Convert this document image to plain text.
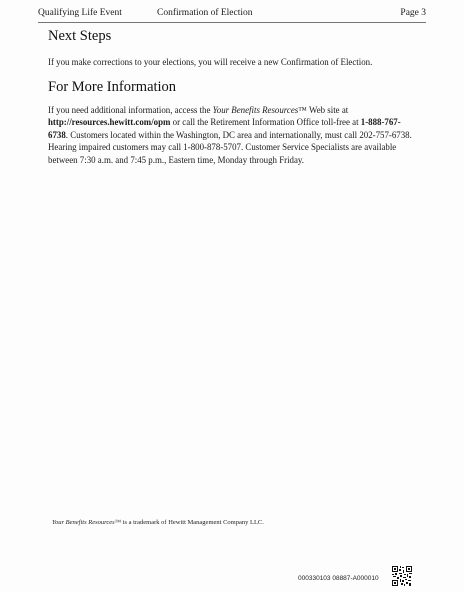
Qualifying Life Event	Confirmation of Election	Page 3
Next Steps

If you make corrections to your elections, you will receive a new Confirmation of Election.

For More Information

If you need additional information, access the Your Benefits Resources™ Web site at http://resources.hewitt.com/opm or call the Retirement Information Office toll-free at 1-888-767-6738. Customers located within the Washington, DC area and internationally, must call 202-757-6738. Hearing impaired customers may call 1-800-878-5707. Customer Service Specialists are available between 7:30 a.m. and 7:45 p.m., Eastern time, Monday through Friday.

Your Benefits Resources™ is a trademark of Hewitt Management Company LLC.
000330103 08887-A000010
